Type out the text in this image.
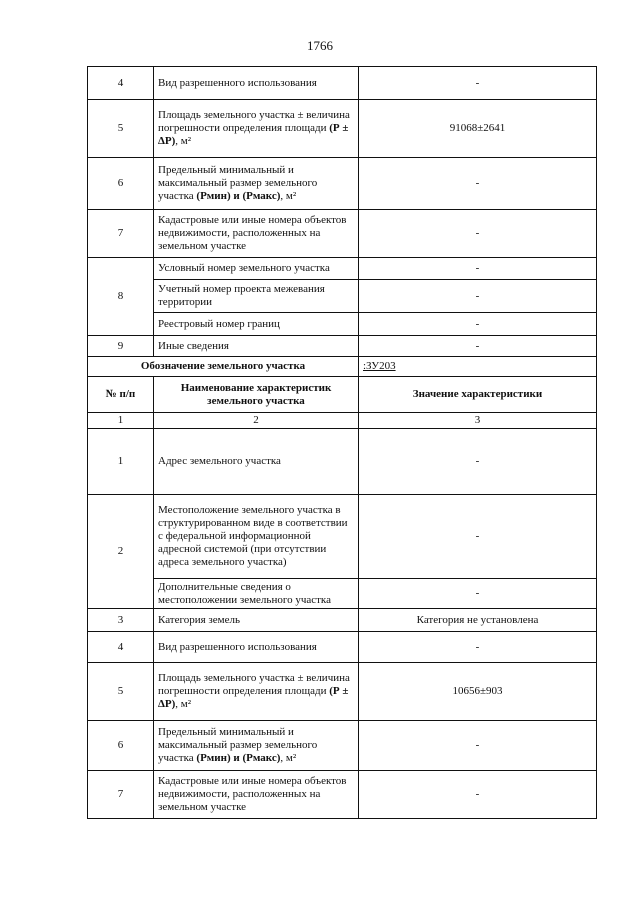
1766
4	Вид разрешенного использования	-
5	Площадь земельного участка ± величина погрешности определения площади (Р ± ΔР), м²	91068±2641
6	Предельный минимальный и максимальный размер земельного участка (Рмин) и (Рмакс), м²	-
7	Кадастровые или иные номера объектов недвижимости, расположенных на земельном участке	-
8	Условный номер земельного участка	-
	Учетный номер проекта межевания территории	-
	Реестровый номер границ	-
9	Иные сведения	-
Обозначение земельного участка		:ЗУ203
№ п/п	Наименование характеристик земельного участка	Значение характеристики
1	2	3
1	Адрес земельного участка	-
2	Местоположение земельного участка в структурированном виде в соответствии с федеральной информационной адресной системой (при отсутствии адреса земельного участка)	-
	Дополнительные сведения о местоположении земельного участка	-
3	Категория земель	Категория не установлена
4	Вид разрешенного использования	-
5	Площадь земельного участка ± величина погрешности определения площади (Р ± ΔР), м²	10656±903
6	Предельный минимальный и максимальный размер земельного участка (Рмин) и (Рмакс), м²	-
7	Кадастровые или иные номера объектов недвижимости, расположенных на земельном участке	-
